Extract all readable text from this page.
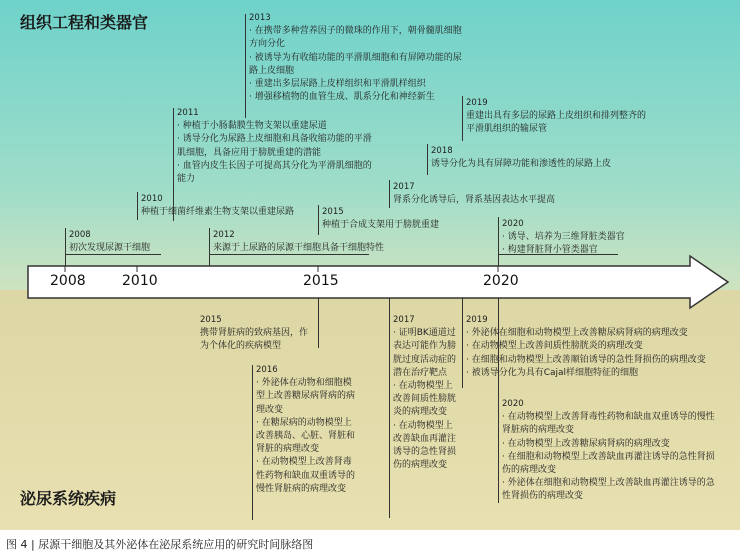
组织工程和类器官
泌尿系统疾病
2008	2010	2015	2020
2013
· 在携带多种营养因子的微珠的作用下，朝骨髓肌细胞方向分化
· 被诱导为有收缩功能的平滑肌细胞和有屏障功能的尿路上皮细胞
· 重建出多层尿路上皮样组织和平滑肌样组织
· 增强移植物的血管生成、肌系分化和神经新生
2019
重建出具有多层的尿路上皮组织和排列整齐的平滑肌组织的输尿管
2011
· 种植于小肠黏膜生物支架以重建尿道
· 诱导分化为尿路上皮细胞和具备收缩功能的平滑肌细胞，具备应用于膀胱重建的潜能
· 血管内皮生长因子可提高其分化为平滑肌细胞的能力
2018
诱导分化为具有屏障功能和渗透性的尿路上皮
2017
肾系分化诱导后，肾系基因表达水平提高
2010
种植于细菌纤维素生物支架以重建尿路	2015
种植于合成支架用于膀胱重建	2020
· 诱导、培养为三维肾脏类器官
· 构建肾脏肾小管类器官
2008
初次发现尿源干细胞
2012
来源于上尿路的尿源干细胞具备干细胞特性
2015
携带肾脏病的致病基因，作为个体化的疾病模型
2016
· 外泌体在动物和细胞模型上改善糖尿病肾病的病理改变
· 在糖尿病的动物模型上改善胰岛、心脏、肾脏和肾脏的病理改变
· 在动物模型上改善肾毒性药物和缺血双重诱导的慢性肾脏病的病理改变
2017
· 证明BK通道过表达可能作为膀胱过度活动症的潜在治疗靶点
· 在动物模型上改善间质性膀胱炎的病理改变
· 在动物模型上改善缺血再灌注诱导的急性肾损伤的病理改变
2019
· 外泌体在细胞和动物模型上改善糖尿病肾病的病理改变
· 在动物模型上改善间质性膀胱炎的病理改变
· 在细胞和动物模型上改善顺铂诱导的急性肾损伤的病理改变
· 被诱导分化为具有Cajal样细胞特征的细胞
2020
· 在动物模型上改善肾毒性药物和缺血双重诱导的慢性肾脏病的病理改变
· 在动物模型上改善糖尿病肾病的病理改变
· 在细胞和动物模型上改善缺血再灌注诱导的急性肾损伤的病理改变
· 外泌体在细胞和动物模型上改善缺血再灌注诱导的急性肾损伤的病理改变
图 4 | 尿源干细胞及其外泌体在泌尿系统应用的研究时间脉络图
